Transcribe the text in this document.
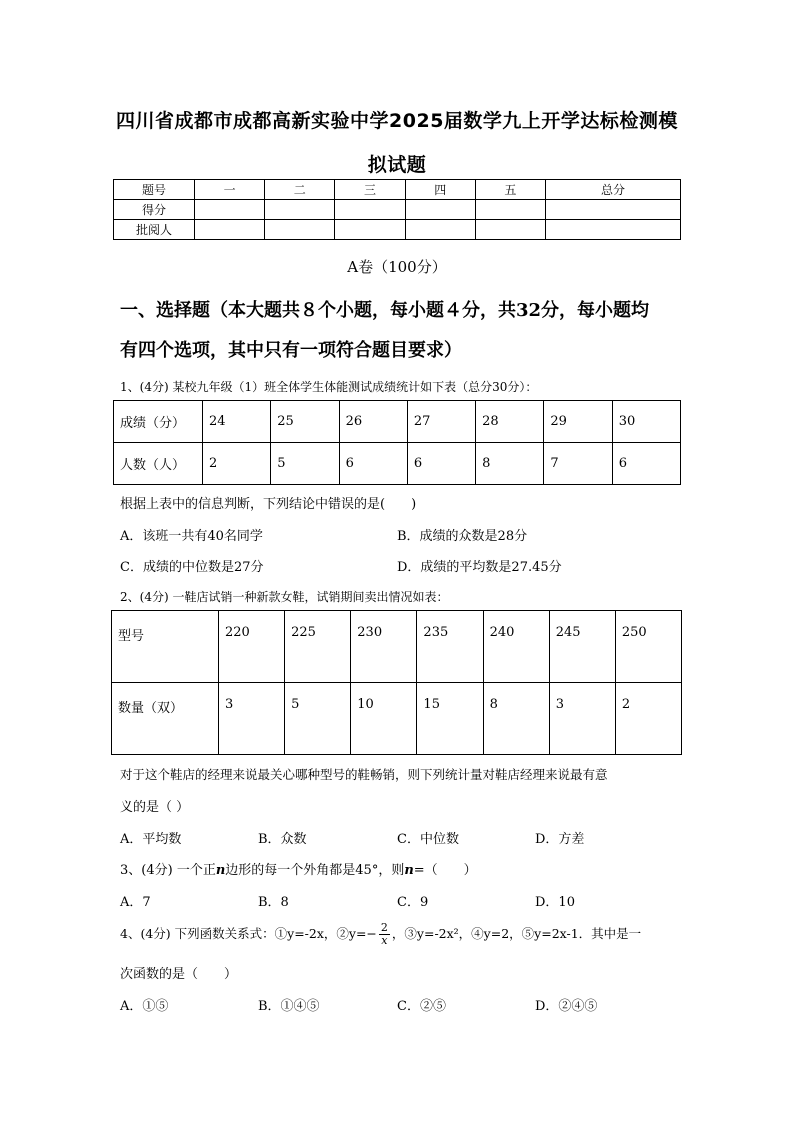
四川省成都市成都高新实验中学2025届数学九上开学达标检测模
拟试题
题号	一	二	三	四	五	总分
得分						
批阅人						
A卷（100分）
一、选择题（本大题共８个小题，每小题４分，共32分，每小题均
有四个选项，其中只有一项符合题目要求）
1、(4分) 某校九年级（1）班全体学生体能测试成绩统计如下表（总分30分）：
成绩（分）	24	25	26	27	28	29	30
人数（人）	2	5	6	6	8	7	6
根据上表中的信息判断，下列结论中错误的是(　　)
A．该班一共有40名同学	B．成绩的众数是28分
C．成绩的中位数是27分	D．成绩的平均数是27.45分
2、(4分) 一鞋店试销一种新款女鞋，试销期间卖出情况如表：
型号	220	225	230	235	240	245	250
数量（双）	3	5	10	15	8	3	2
对于这个鞋店的经理来说最关心哪种型号的鞋畅销，则下列统计量对鞋店经理来说最有意
义的是（ ）
A．平均数	B．众数	C．中位数	D．方差
3、(4分) 一个正n边形的每一个外角都是45°，则n=（　　）
A．7	B．8	C．9	D．10
4、(4分) 下列函数关系式：①y=-2x，②y=− $\frac{2}{x}$ ，③y=-2x²，④y=2，⑤y=2x-1．其中是一
次函数的是（　　）
A．①⑤	B．①④⑤	C．②⑤	D．②④⑤
